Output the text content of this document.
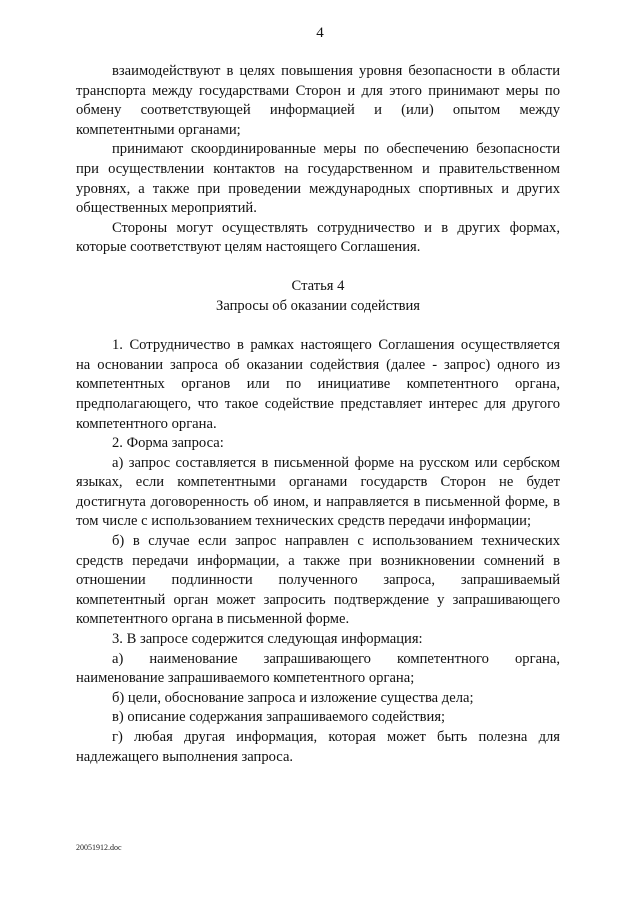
4

взаимодействуют в целях повышения уровня безопасности в области транспорта между государствами Сторон и для этого принимают меры по обмену соответствующей информацией и (или) опытом между компетентными органами;

принимают скоординированные меры по обеспечению безопасности при осуществлении контактов на государственном и правительственном уровнях, а также при проведении международных спортивных и других общественных мероприятий.

Стороны могут осуществлять сотрудничество и в других формах, которые соответствуют целям настоящего Соглашения.

Статья 4

Запросы об оказании содействия

1. Сотрудничество в рамках настоящего Соглашения осуществляется на основании запроса об оказании содействия (далее - запрос) одного из компетентных органов или по инициативе компетентного органа, предполагающего, что такое содействие представляет интерес для другого компетентного органа.

2. Форма запроса:

а) запрос составляется в письменной форме на русском или сербском языках, если компетентными органами государств Сторон не будет достигнута договоренность об ином, и направляется в письменной форме, в том числе с использованием технических средств передачи информации;

б) в случае если запрос направлен с использованием технических средств передачи информации, а также при возникновении сомнений в отношении подлинности полученного запроса, запрашиваемый компетентный орган может запросить подтверждение у запрашивающего компетентного органа в письменной форме.

3. В запросе содержится следующая информация:

а) наименование запрашивающего компетентного органа, наименование запрашиваемого компетентного органа;

б) цели, обоснование запроса и изложение существа дела;

в) описание содержания запрашиваемого содействия;

г) любая другая информация, которая может быть полезна для надлежащего выполнения запроса.

20051912.doc
